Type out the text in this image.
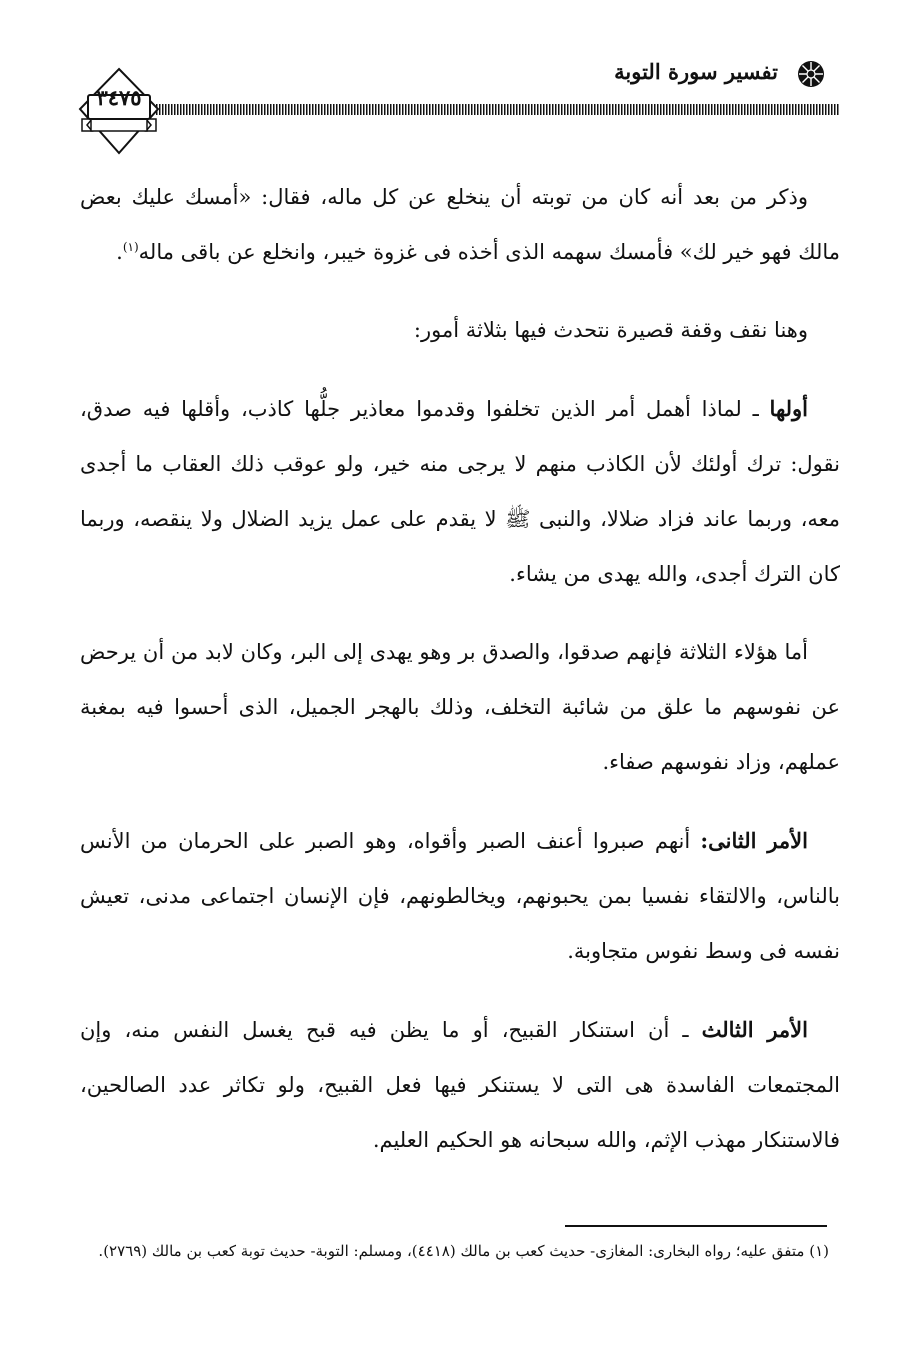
تفسير سورة التوبة
٣٤٧٥

وذكر من بعد أنه كان من توبته أن ينخلع عن كل ماله، فقال: «أمسك عليك بعض مالك فهو خير لك» فأمسك سهمه الذى أخذه فى غزوة خيبر، وانخلع عن باقى ماله$^{(١)}$.

وهنا نقف وقفة قصيرة نتحدث فيها بثلاثة أمور:

أولها ـ لماذا أهمل أمر الذين تخلفوا وقدموا معاذير جلُّها كاذب، وأقلها فيه صدق، نقول: ترك أولئك لأن الكاذب منهم لا يرجى منه خير، ولو عوقب ذلك العقاب ما أجدى معه، وربما عاند فزاد ضلالا، والنبى ﷺ لا يقدم على عمل يزيد الضلال ولا ينقصه، وربما كان الترك أجدى، والله يهدى من يشاء.

أما هؤلاء الثلاثة فإنهم صدقوا، والصدق بر وهو يهدى إلى البر، وكان لابد من أن يرحض عن نفوسهم ما علق من شائبة التخلف، وذلك بالهجر الجميل، الذى أحسوا فيه بمغبة عملهم، وزاد نفوسهم صفاء.

الأمر الثانى: أنهم صبروا أعنف الصبر وأقواه، وهو الصبر على الحرمان من الأنس بالناس، والالتقاء نفسيا بمن يحبونهم، ويخالطونهم، فإن الإنسان اجتماعى مدنى، تعيش نفسه فى وسط نفوس متجاوبة.

الأمر الثالث ـ أن استنكار القبيح، أو ما يظن فيه قبح يغسل النفس منه، وإن المجتمعات الفاسدة هى التى لا يستنكر فيها فعل القبيح، ولو تكاثر عدد الصالحين، فالاستنكار مهذب الإثم، والله سبحانه هو الحكيم العليم.

(١) متفق عليه؛ رواه البخارى: المغازى- حديث كعب بن مالك (٤٤١٨)، ومسلم: التوبة- حديث توبة كعب بن مالك (٢٧٦٩).
